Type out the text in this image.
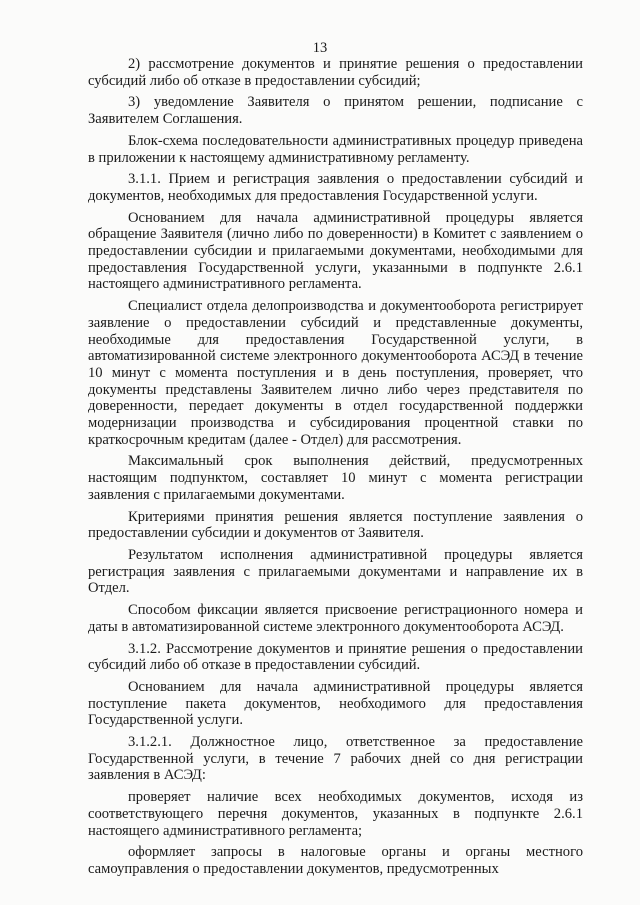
13

2) рассмотрение документов и принятие решения о предоставлении субсидий либо об отказе в предоставлении субсидий;

3) уведомление Заявителя о принятом решении, подписание с Заявителем Соглашения.

Блок-схема последовательности административных процедур приведена в приложении к настоящему административному регламенту.

3.1.1. Прием и регистрация заявления о предоставлении субсидий и документов, необходимых для предоставления Государственной услуги.

Основанием для начала административной процедуры является обращение Заявителя (лично либо по доверенности) в Комитет с заявлением о предоставлении субсидии и прилагаемыми документами, необходимыми для предоставления Государственной услуги, указанными в подпункте 2.6.1 настоящего административного регламента.

Специалист отдела делопроизводства и документооборота регистрирует заявление о предоставлении субсидий и представленные документы, необходимые для предоставления Государственной услуги, в автоматизированной системе электронного документооборота АСЭД в течение 10 минут с момента поступления и в день поступления, проверяет, что документы представлены Заявителем лично либо через представителя по доверенности, передает документы в отдел государственной поддержки модернизации производства и субсидирования процентной ставки по краткосрочным кредитам (далее - Отдел) для рассмотрения.

Максимальный срок выполнения действий, предусмотренных настоящим подпунктом, составляет 10 минут с момента регистрации заявления с прилагаемыми документами.

Критериями принятия решения является поступление заявления о предоставлении субсидии и документов от Заявителя.

Результатом исполнения административной процедуры является регистрация заявления с прилагаемыми документами и направление их в Отдел.

Способом фиксации является присвоение регистрационного номера и даты в автоматизированной системе электронного документооборота АСЭД.

3.1.2. Рассмотрение документов и принятие решения о предоставлении субсидий либо об отказе в предоставлении субсидий.

Основанием для начала административной процедуры является поступление пакета документов, необходимого для предоставления Государственной услуги.

3.1.2.1. Должностное лицо, ответственное за предоставление Государственной услуги, в течение 7 рабочих дней со дня регистрации заявления в АСЭД:

проверяет наличие всех необходимых документов, исходя из соответствующего перечня документов, указанных в подпункте 2.6.1 настоящего административного регламента;

оформляет запросы в налоговые органы и органы местного самоуправления о предоставлении документов, предусмотренных
